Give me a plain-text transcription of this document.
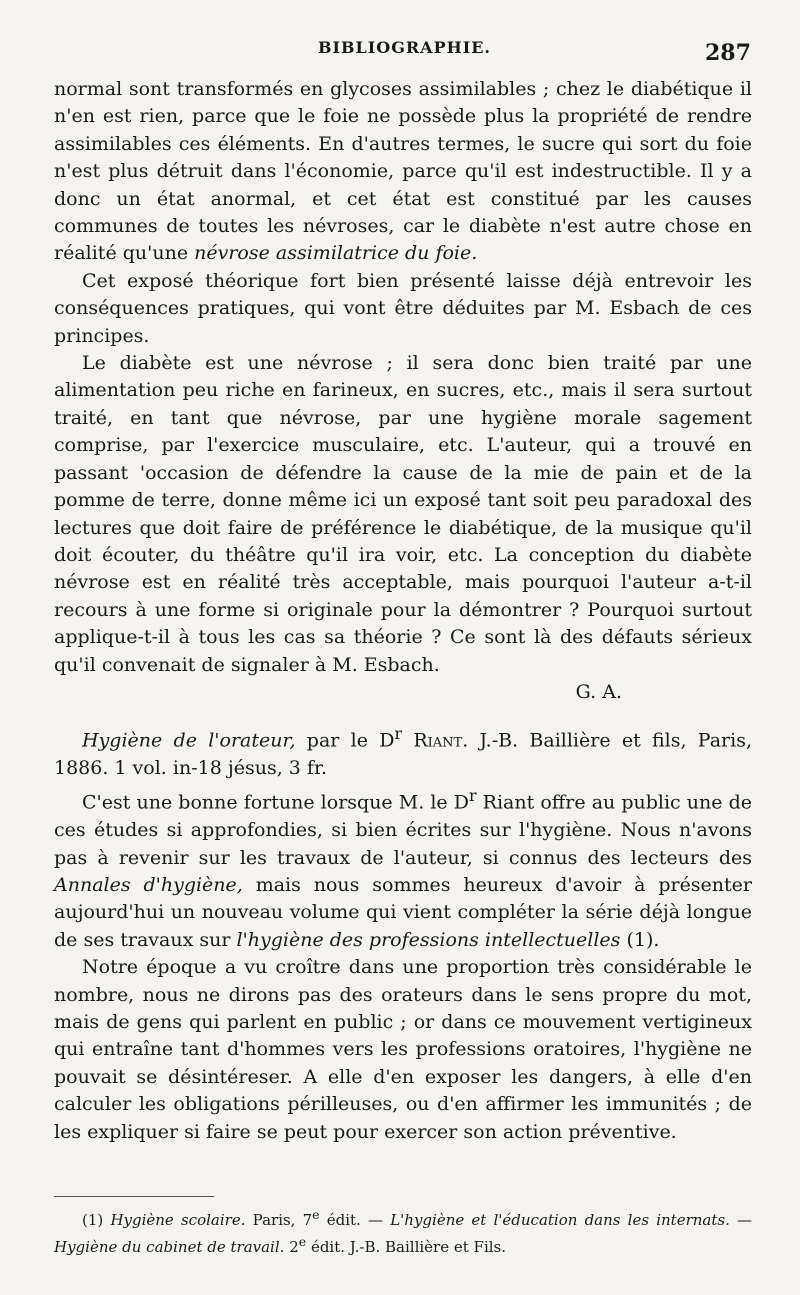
BIBLIOGRAPHIE.	287

normal sont transformés en glycoses assimilables ; chez le diabétique il n'en est rien, parce que le foie ne possède plus la propriété de rendre assimilables ces éléments. En d'autres termes, le sucre qui sort du foie n'est plus détruit dans l'économie, parce qu'il est indestructible. Il y a donc un état anormal, et cet état est constitué par les causes communes de toutes les névroses, car le diabète n'est autre chose en réalité qu'une névrose assimilatrice du foie.

Cet exposé théorique fort bien présenté laisse déjà entrevoir les conséquences pratiques, qui vont être déduites par M. Esbach de ces principes.

Le diabète est une névrose ; il sera donc bien traité par une alimentation peu riche en farineux, en sucres, etc., mais il sera surtout traité, en tant que névrose, par une hygiène morale sagement comprise, par l'exercice musculaire, etc. L'auteur, qui a trouvé en passant 'occasion de défendre la cause de la mie de pain et de la pomme de terre, donne même ici un exposé tant soit peu paradoxal des lectures que doit faire de préférence le diabétique, de la musique qu'il doit écouter, du théâtre qu'il ira voir, etc. La conception du diabète névrose est en réalité très acceptable, mais pourquoi l'auteur a-t-il recours à une forme si originale pour la démontrer ? Pourquoi surtout applique-t-il à tous les cas sa théorie ? Ce sont là des défauts sérieux qu'il convenait de signaler à M. Esbach.

G. A.

Hygiène de l'orateur, par le $D^r$ Riant. J.-B. Baillière et fils, Paris, 1886. 1 vol. in-18 jésus, 3 fr.

C'est une bonne fortune lorsque M. le $D^r$ Riant offre au public une de ces études si approfondies, si bien écrites sur l'hygiène. Nous n'avons pas à revenir sur les travaux de l'auteur, si connus des lecteurs des Annales d'hygiène, mais nous sommes heureux d'avoir à présenter aujourd'hui un nouveau volume qui vient compléter la série déjà longue de ses travaux sur l'hygiène des professions intellectuelles (1).

Notre époque a vu croître dans une proportion très considérable le nombre, nous ne dirons pas des orateurs dans le sens propre du mot, mais de gens qui parlent en public ; or dans ce mouvement vertigineux qui entraîne tant d'hommes vers les professions oratoires, l'hygiène ne pouvait se désintéreser. A elle d'en exposer les dangers, à elle d'en calculer les obligations périlleuses, ou d'en affirmer les immunités ; de les expliquer si faire se peut pour exercer son action préventive.

(1) Hygiène scolaire. Paris, 7e édit. — L'hygiène et l'éducation dans les internats. — Hygiène du cabinet de travail. 2e édit. J.-B. Baillière et Fils.
